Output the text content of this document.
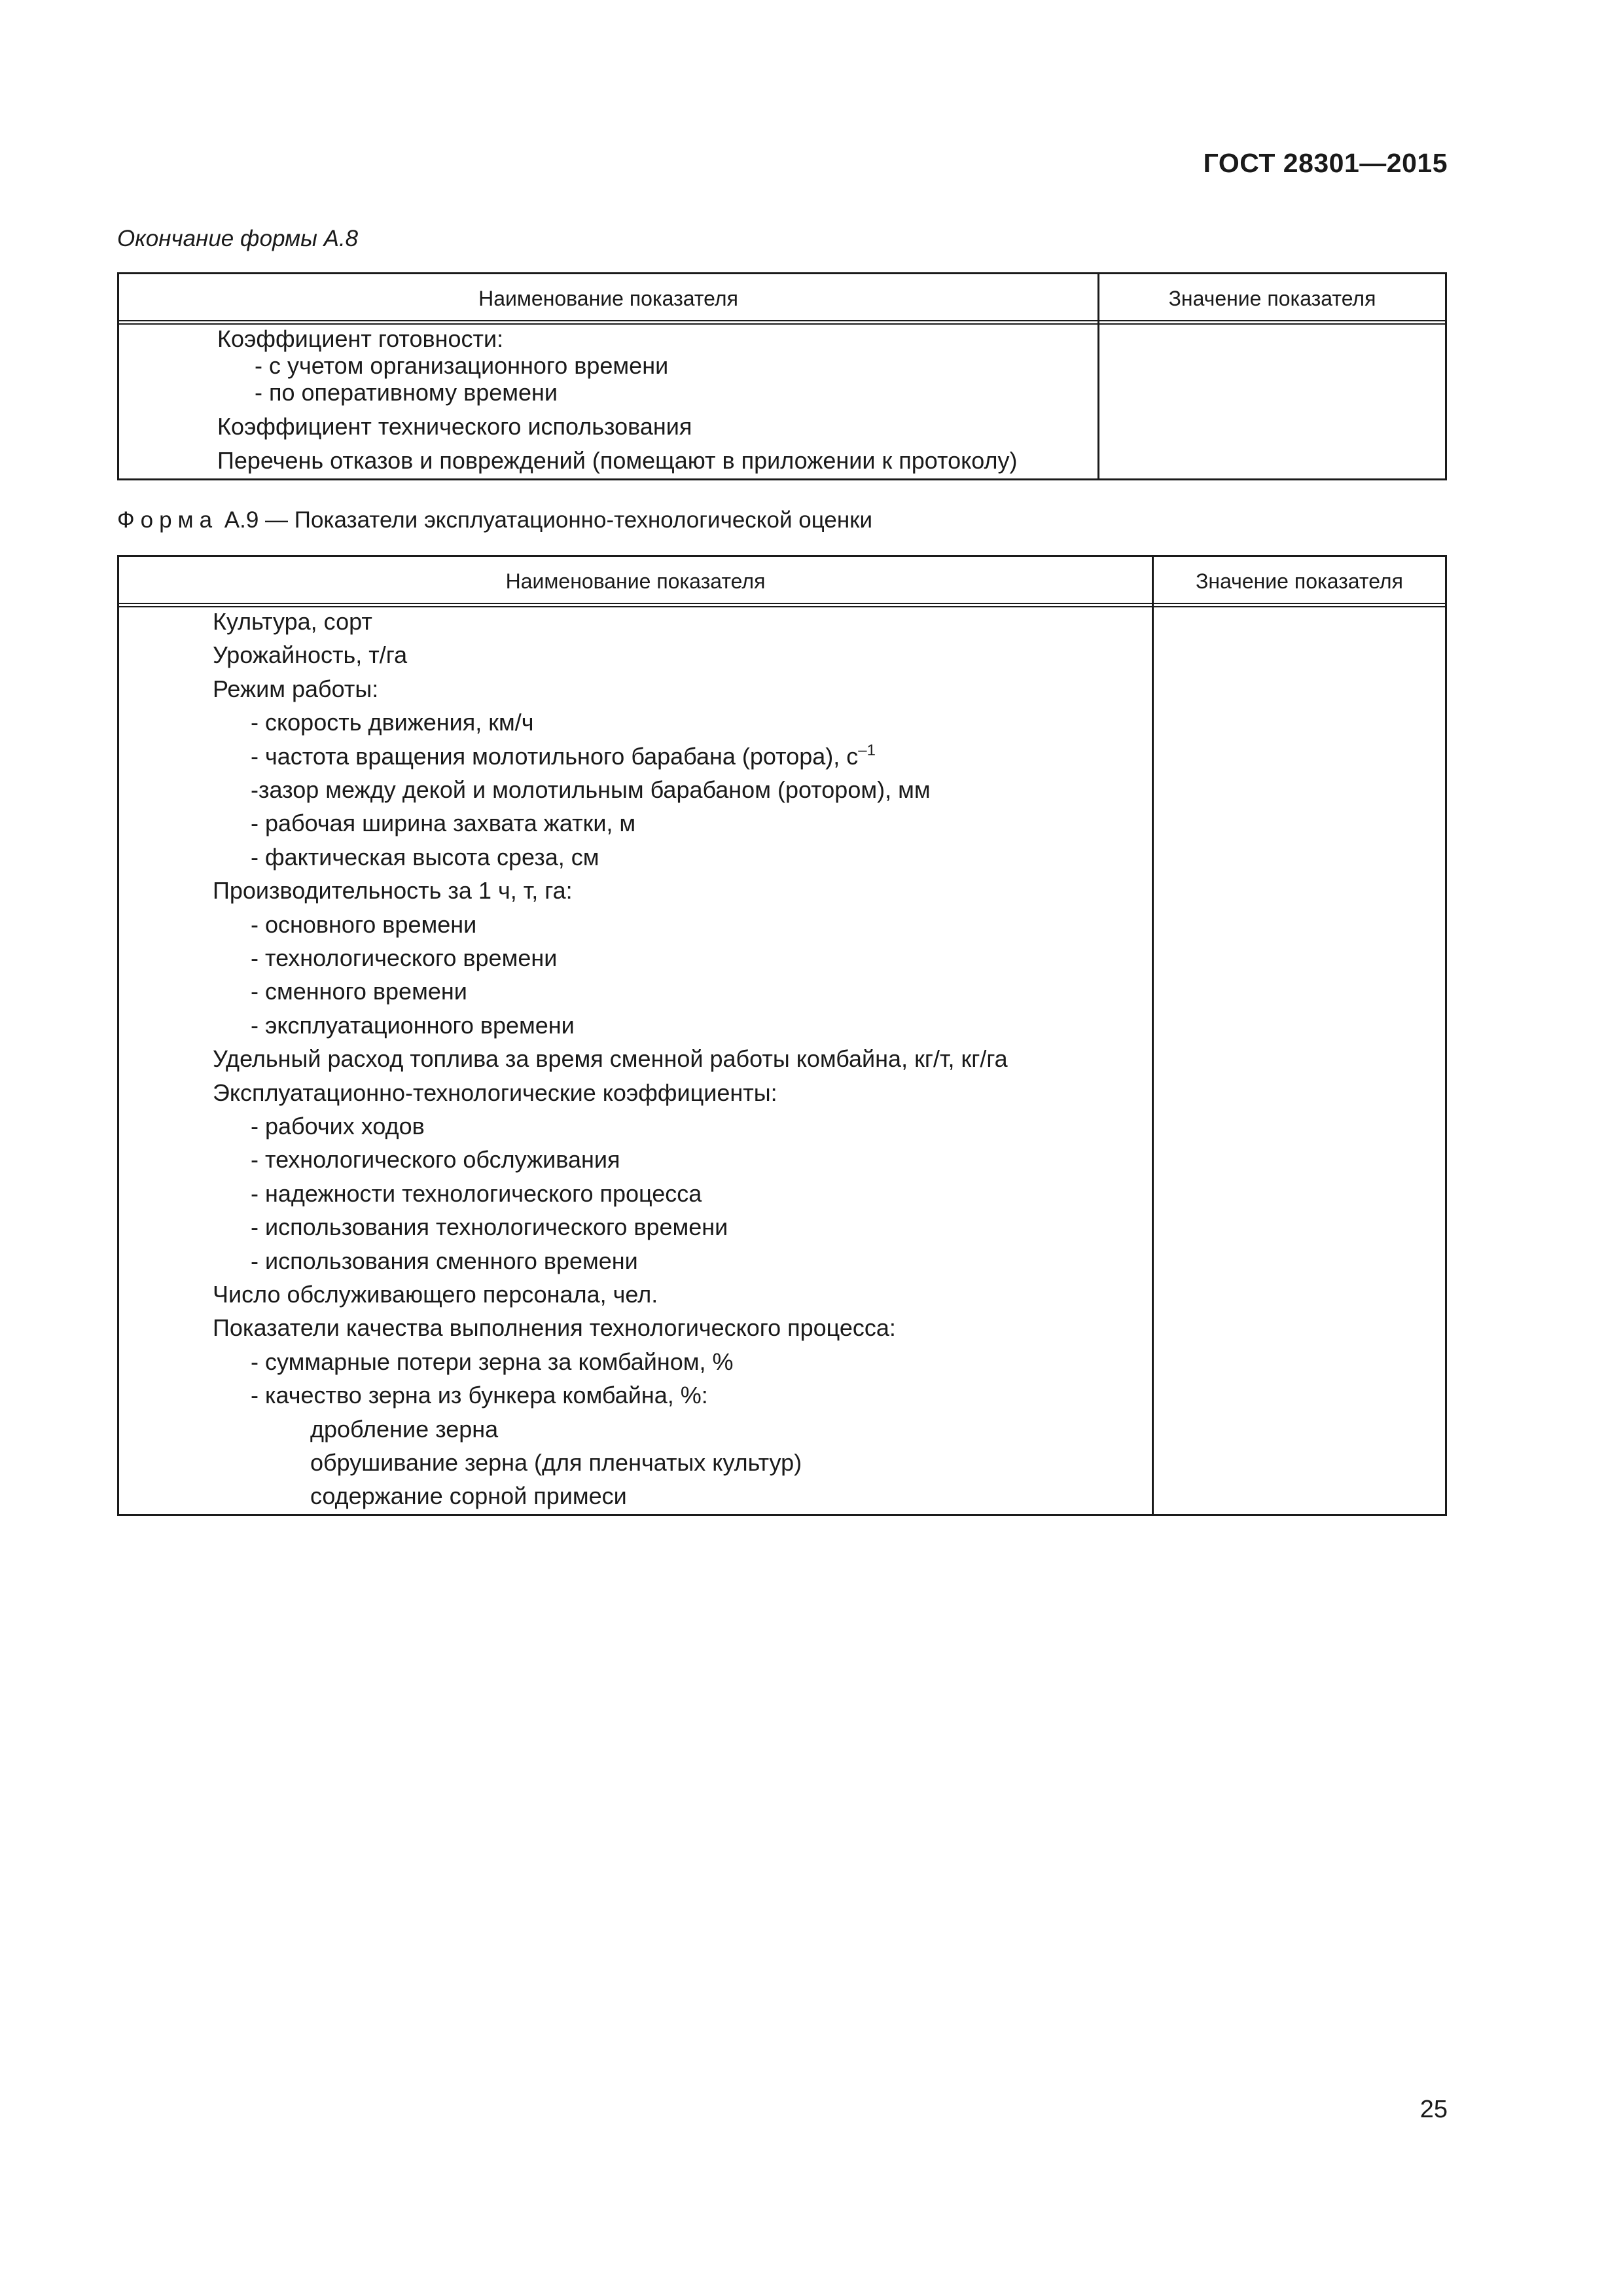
ГОСТ 28301—2015
Окончание формы А.8
Наименование показателя	Значение показателя
Коэффициент готовности:
- с учетом организационного времени
- по оперативному времени
Коэффициент технического использования
Перечень отказов и повреждений (помещают в приложении к протоколу)
Форма А.9 — Показатели эксплуатационно-технологической оценки
Наименование показателя	Значение показателя
Культура, сорт
Урожайность, т/га
Режим работы:
- скорость движения, км/ч
- частота вращения молотильного барабана (ротора), $с^{-1}$
-зазор между декой и молотильным барабаном (ротором), мм
- рабочая ширина захвата жатки, м
- фактическая высота среза, см
Производительность за 1 ч, т, га:
- основного времени
- технологического времени
- сменного времени
- эксплуатационного времени
Удельный расход топлива за время сменной работы комбайна, кг/т, кг/га
Эксплуатационно-технологические коэффициенты:
- рабочих ходов
- технологического обслуживания
- надежности технологического процесса
- использования технологического времени
- использования сменного времени
Число обслуживающего персонала, чел.
Показатели качества выполнения технологического процесса:
- суммарные потери зерна за комбайном, %
- качество зерна из бункера комбайна, %:
дробление зерна
обрушивание зерна (для пленчатых культур)
содержание сорной примеси
25
